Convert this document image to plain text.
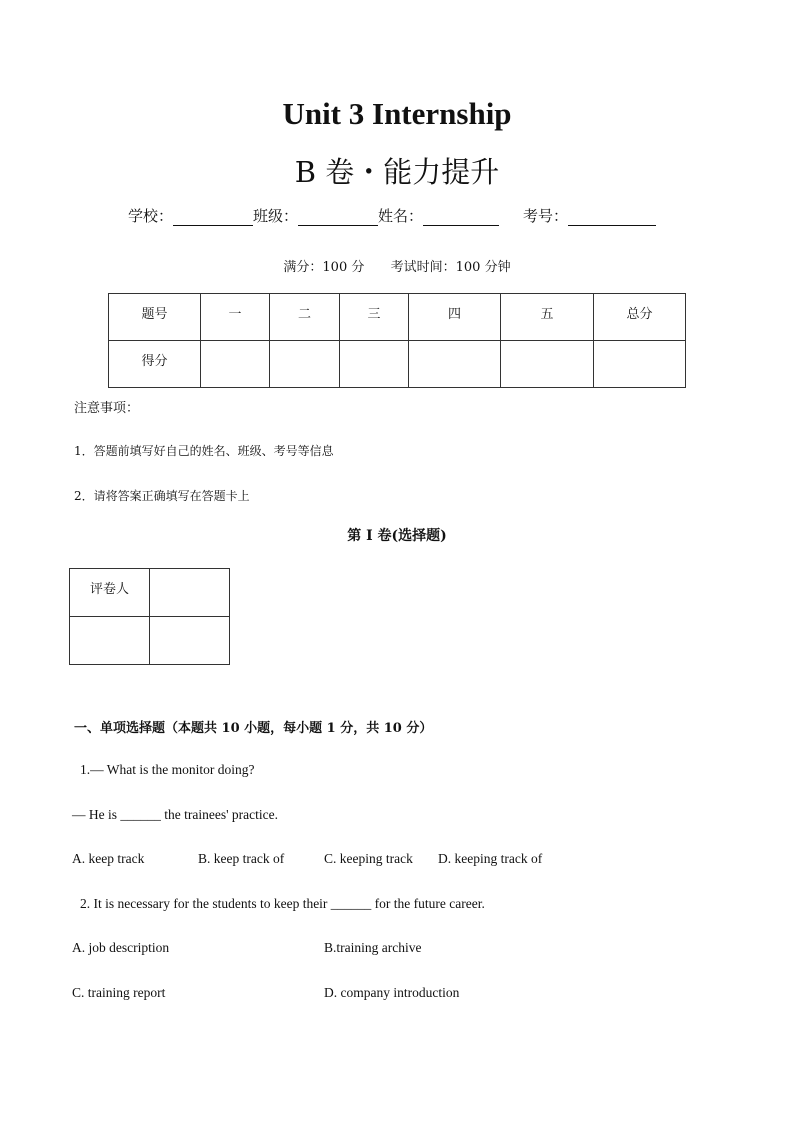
Unit 3 Internship
B 卷・能力提升
学校：	班级：	姓名：	考号：
满分：100 分 考试时间：100 分钟
题号	一	二	三	四	五	总分
得分						
注意事项：
1．答题前填写好自己的姓名、班级、考号等信息
2．请将答案正确填写在答题卡上
第 I 卷(选择题)
评卷人	

一、单项选择题（本题共 10 小题，每小题 1 分，共 10 分）
1.— What is the monitor doing?
— He is ______ the trainees' practice.
A. keep track	B. keep track of	C. keeping track D. keeping track of
2. It is necessary for the students to keep their ______ for the future career.
A. job description	B.training archive
C. training report	D. company introduction
